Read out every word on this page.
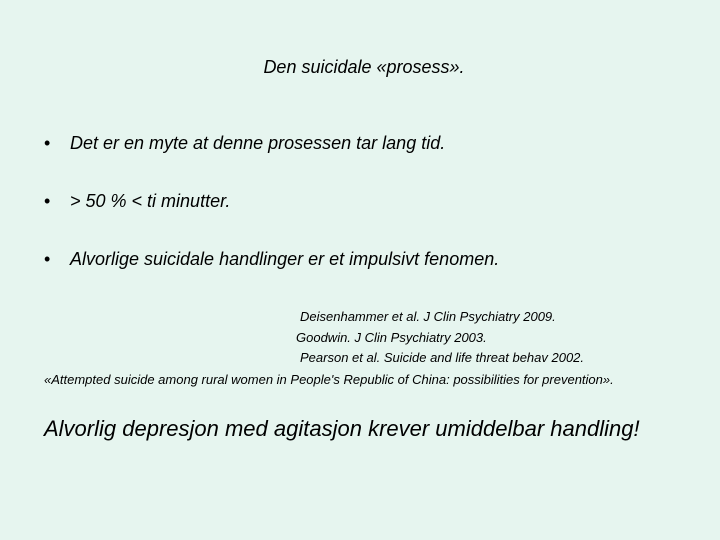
Den suicidale «prosess».
• Det er en myte at denne prosessen tar lang tid.
• > 50 % < ti minutter.
• Alvorlige suicidale handlinger er et impulsivt fenomen.
Deisenhammer et al. J Clin Psychiatry 2009.
Goodwin. J Clin Psychiatry 2003.
Pearson et al. Suicide and life threat behav 2002.
«Attempted suicide among rural women in People's Republic of China: possibilities for prevention».
Alvorlig depresjon med agitasjon krever umiddelbar handling!
